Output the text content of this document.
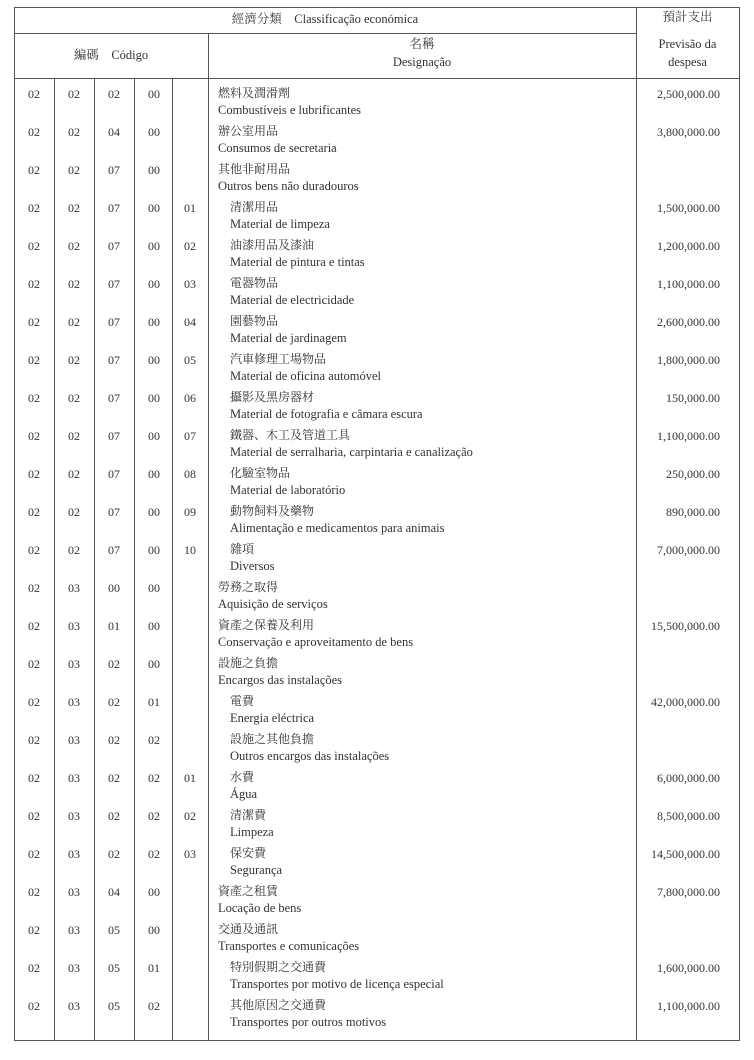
經濟分類　Classificação económica	預計支出
Previsão da
despesa
編碼　Código
名稱
Designação
02	02	02	00	燃料及潤滑劑
Combustíveis e lubrificantes
2,500,000.00
02	02	04	00	辦公室用品
Consumos de secretaria
3,800,000.00
02	02	07	00	其他非耐用品
Outros bens não duradouros
02	02	07	00	01	清潔用品
Material de limpeza
1,500,000.00
02	02	07	00	02	油漆用品及漆油
Material de pintura e tintas
1,200,000.00
02	02	07	00	03	電器物品
Material de electricidade
1,100,000.00
02	02	07	00	04	園藝物品
Material de jardinagem
2,600,000.00
02	02	07	00	05	汽車修理工場物品
Material de oficina automóvel
1,800,000.00
02	02	07	00	06	攝影及黑房器材
Material de fotografia e câmara escura
150,000.00
02	02	07	00	07	鐵器、木工及管道工具
Material de serralharia, carpintaria e canalização
1,100,000.00
02	02	07	00	08	化驗室物品
Material de laboratório
250,000.00
02	02	07	00	09	動物飼料及藥物
Alimentação e medicamentos para animais
890,000.00
02	02	07	00	10	雜項
Diversos
7,000,000.00
02	03	00	00	勞務之取得
Aquisição de serviços
02	03	01	00	資產之保養及利用
Conservação e aproveitamento de bens
15,500,000.00
02	03	02	00	設施之負擔
Encargos das instalações
02	03	02	01	電費
Energia eléctrica
42,000,000.00
02	03	02	02	設施之其他負擔
Outros encargos das instalações
02	03	02	02	01	水費
Água
6,000,000.00
02	03	02	02	02	清潔費
Limpeza
8,500,000.00
02	03	02	02	03	保安費
Segurança
14,500,000.00
02	03	04	00	資產之租賃
Locação de bens
7,800,000.00
02	03	05	00	交通及通訊
Transportes e comunicações
02	03	05	01	特別假期之交通費
Transportes por motivo de licença especial
1,600,000.00
02	03	05	02	其他原因之交通費
Transportes por outros motivos
1,100,000.00
